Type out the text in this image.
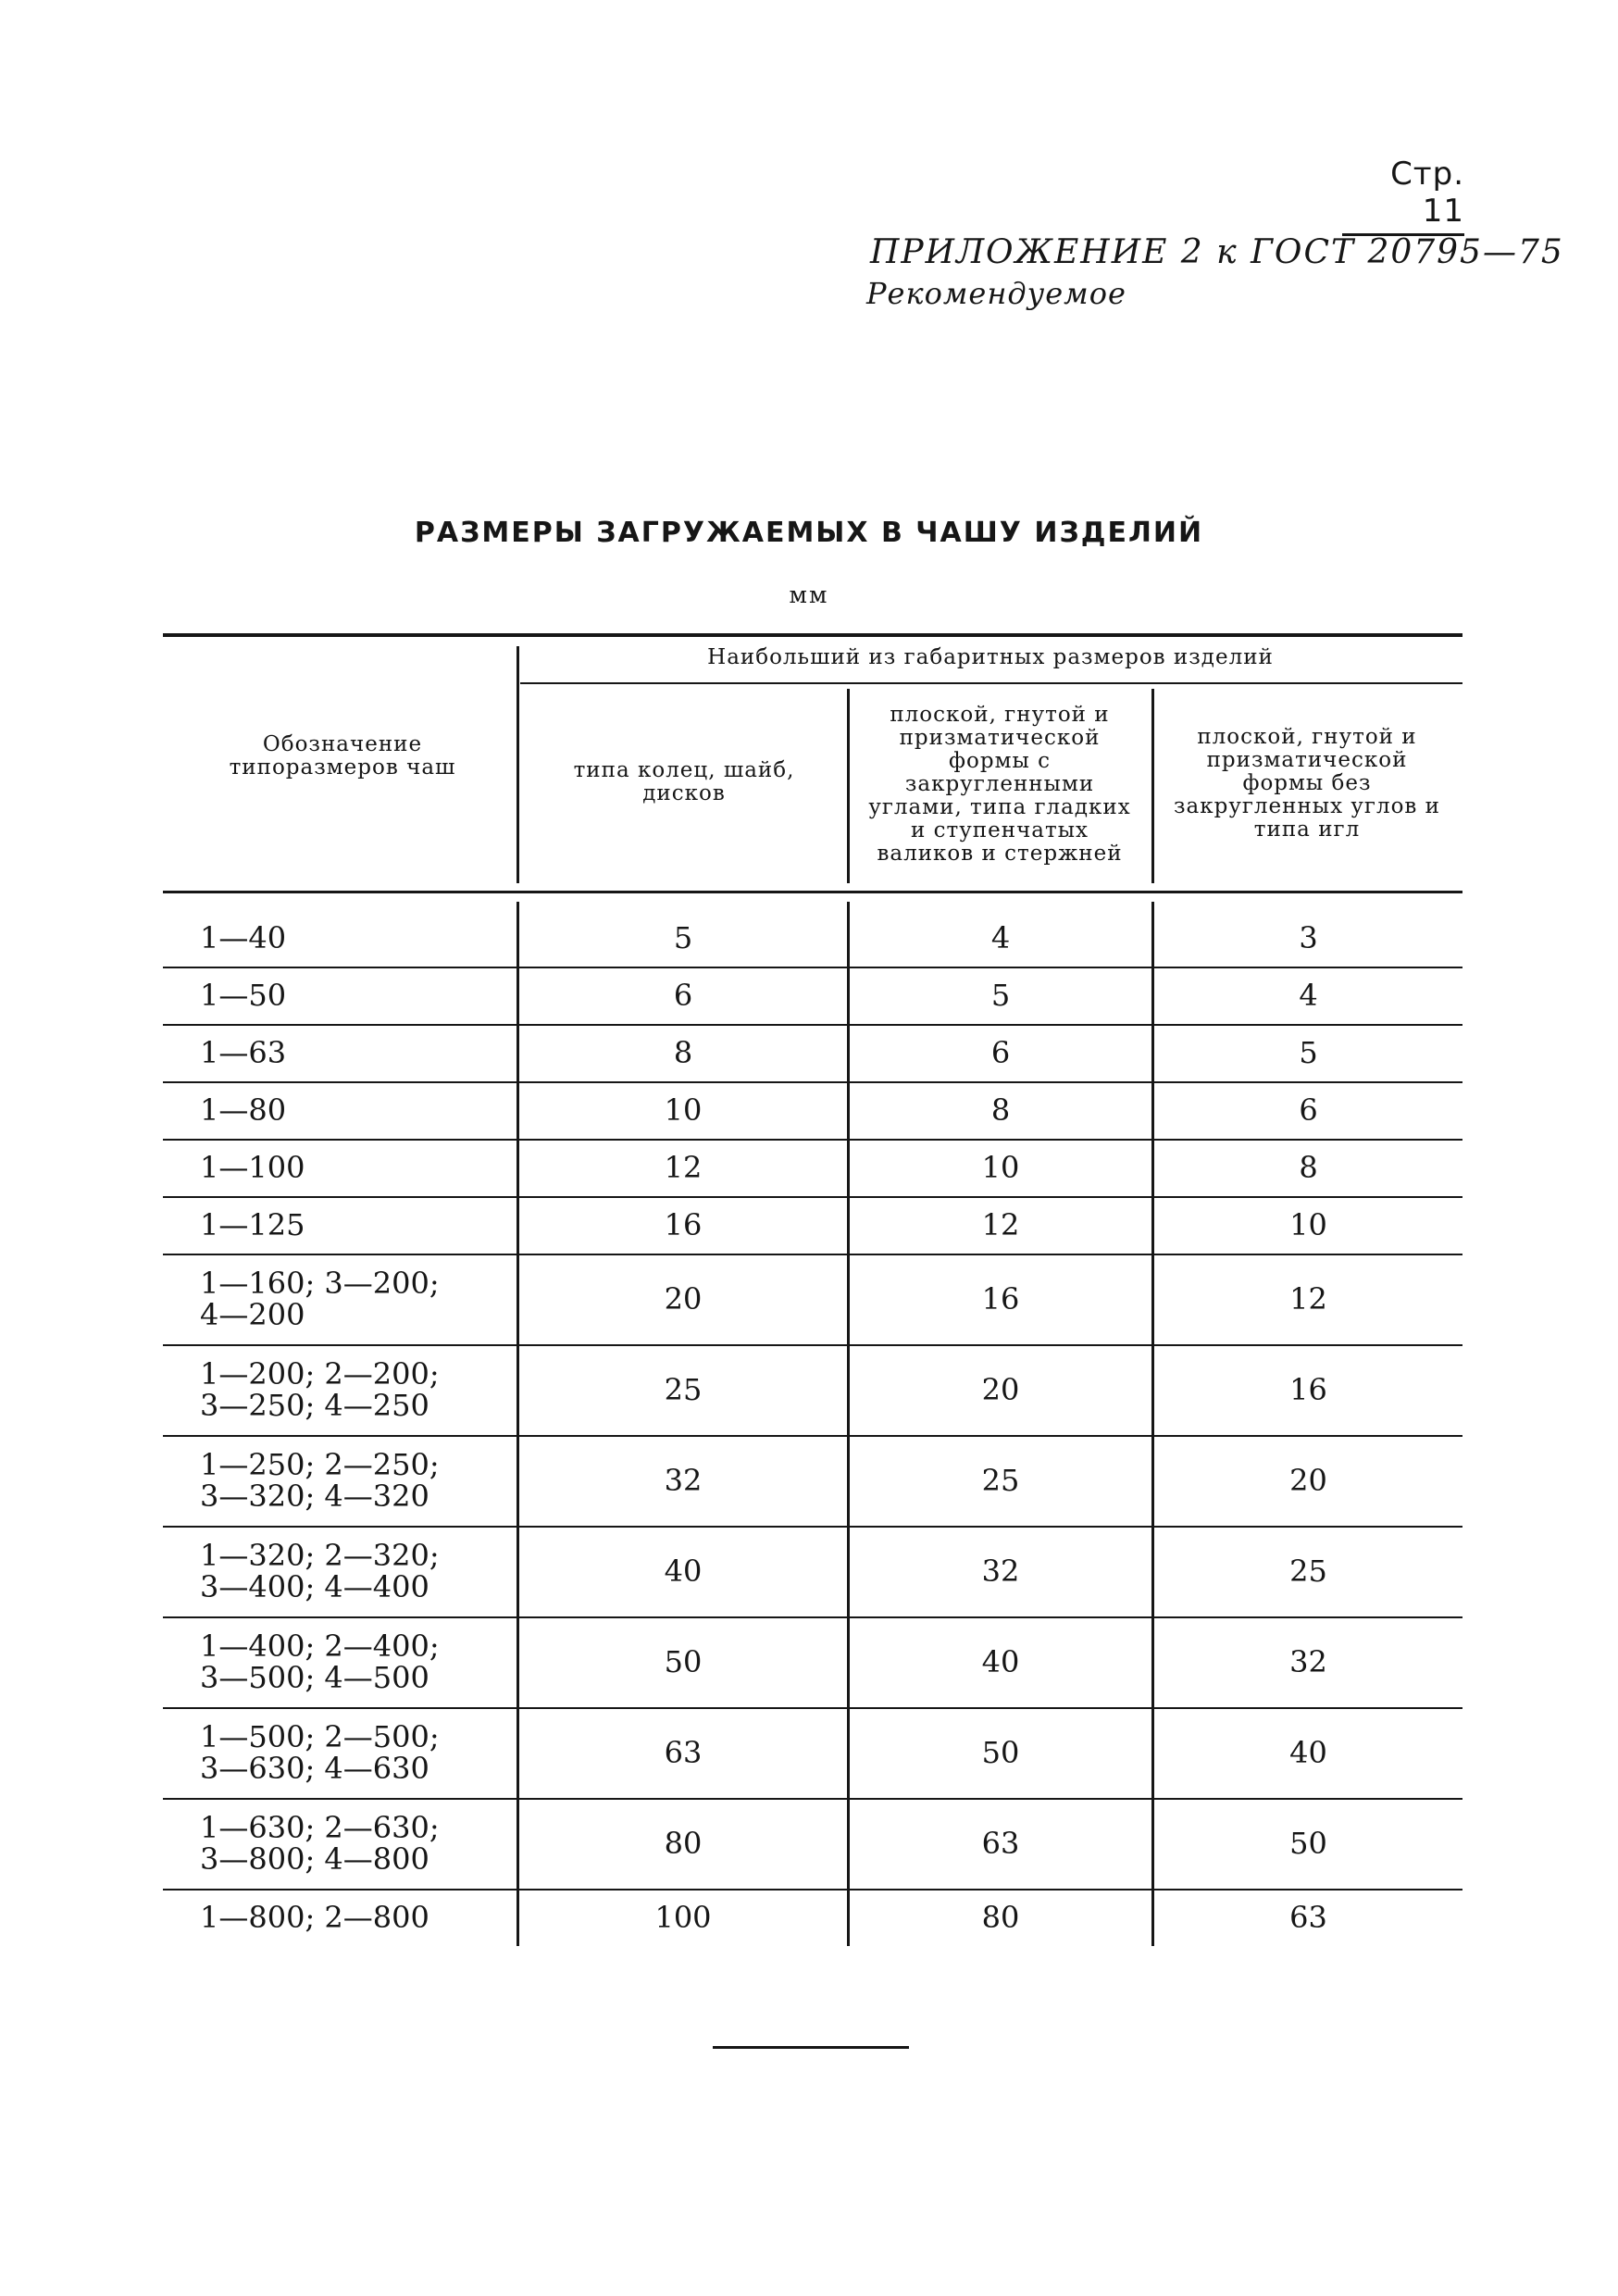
Стр. 11
ПРИЛОЖЕНИЕ 2 к ГОСТ 20795—75
Рекомендуемое
РАЗМЕРЫ ЗАГРУЖАЕМЫХ В ЧАШУ ИЗДЕЛИЙ
мм
Обозначение типоразмеров чаш
Наибольший из габаритных размеров изделий
типа колец, шайб, дисков
плоской, гнутой и призматической формы с закругленными углами, типа гладких и ступенчатых валиков и стержней
плоской, гнутой и призматической формы без закругленных углов и типа игл
1—40	5	4	3
1—50	6	5	4
1—63	8	6	5
1—80	10	8	6
1—100	12	10	8
1—125	16	12	10
1—160; 3—200;
4—200	20	16	12
1—200; 2—200;
3—250; 4—250	25	20	16
1—250; 2—250;
3—320; 4—320	32	25	20
1—320; 2—320;
3—400; 4—400	40	32	25
1—400; 2—400;
3—500; 4—500	50	40	32
1—500; 2—500;
3—630; 4—630	63	50	40
1—630; 2—630;
3—800; 4—800	80	63	50
1—800; 2—800	100	80	63
